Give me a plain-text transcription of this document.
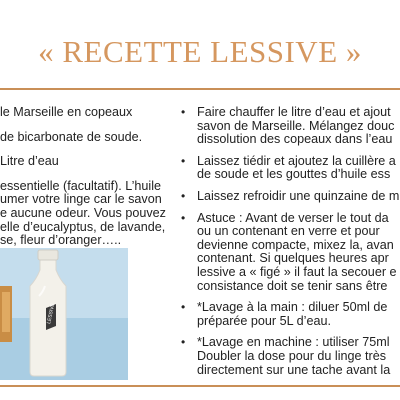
« RECETTE LESSIVE »
le Marseille en copeaux
de bicarbonate de soude.
Litre d’eau
essentielle (facultatif). L’huile
umer votre linge car le savon
e aucune odeur. Vous pouvez
elle d’eucalyptus, de lavande,
se, fleur d’oranger…..
LESSIVE
• Faire chauffer le litre d’eau et ajout
savon de Marseille. Mélangez douc
dissolution des copeaux dans l’eau
• Laissez tiédir et ajoutez la cuillère a
de soude et les gouttes d’huile ess
• Laissez refroidir une quinzaine de m
• Astuce : Avant de verser le tout da
ou un contenant en verre et pour
devienne compacte, mixez la, avan
contenant. Si quelques heures apr
lessive a « figé » il faut la secouer e
consistance doit se tenir sans être
• *Lavage à la main : diluer 50ml de
préparée pour 5L d’eau.
• *Lavage en machine : utiliser 75ml
Doubler la dose pour du linge très
directement sur une tache avant la
